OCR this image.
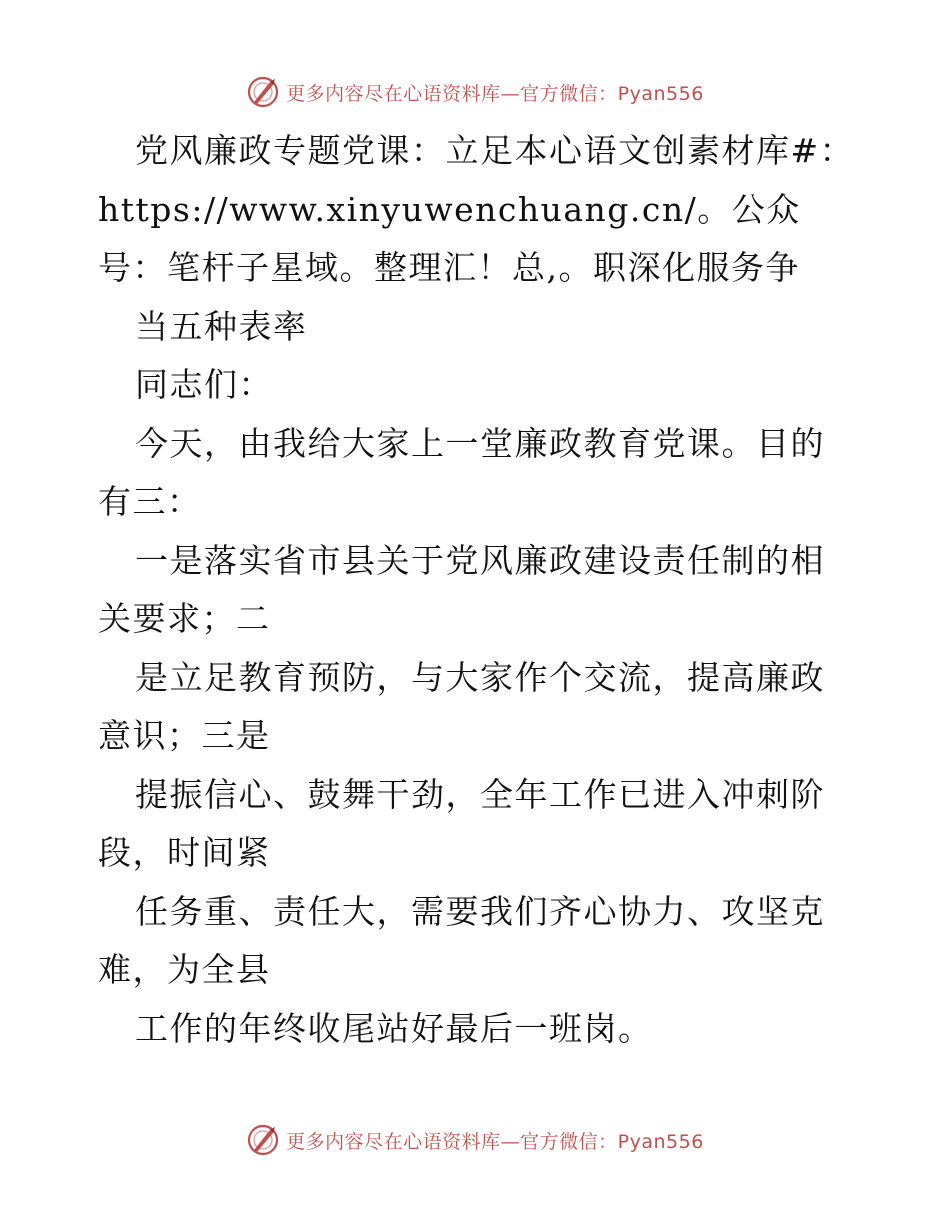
更多内容尽在心语资料库—官方微信：Pyan556

党风廉政专题党课：立足本心语文创素材库#：https://www.xinyuwenchuang.cn/。公众号：笔杆子星域。整理汇！总,。职深化服务争

当五种表率

同志们：

今天，由我给大家上一堂廉政教育党课。目的有三：

一是落实省市县关于党风廉政建设责任制的相关要求；二

是立足教育预防，与大家作个交流，提高廉政意识；三是

提振信心、鼓舞干劲，全年工作已进入冲刺阶段，时间紧

任务重、责任大，需要我们齐心协力、攻坚克难，为全县

工作的年终收尾站好最后一班岗。

更多内容尽在心语资料库—官方微信：Pyan556
